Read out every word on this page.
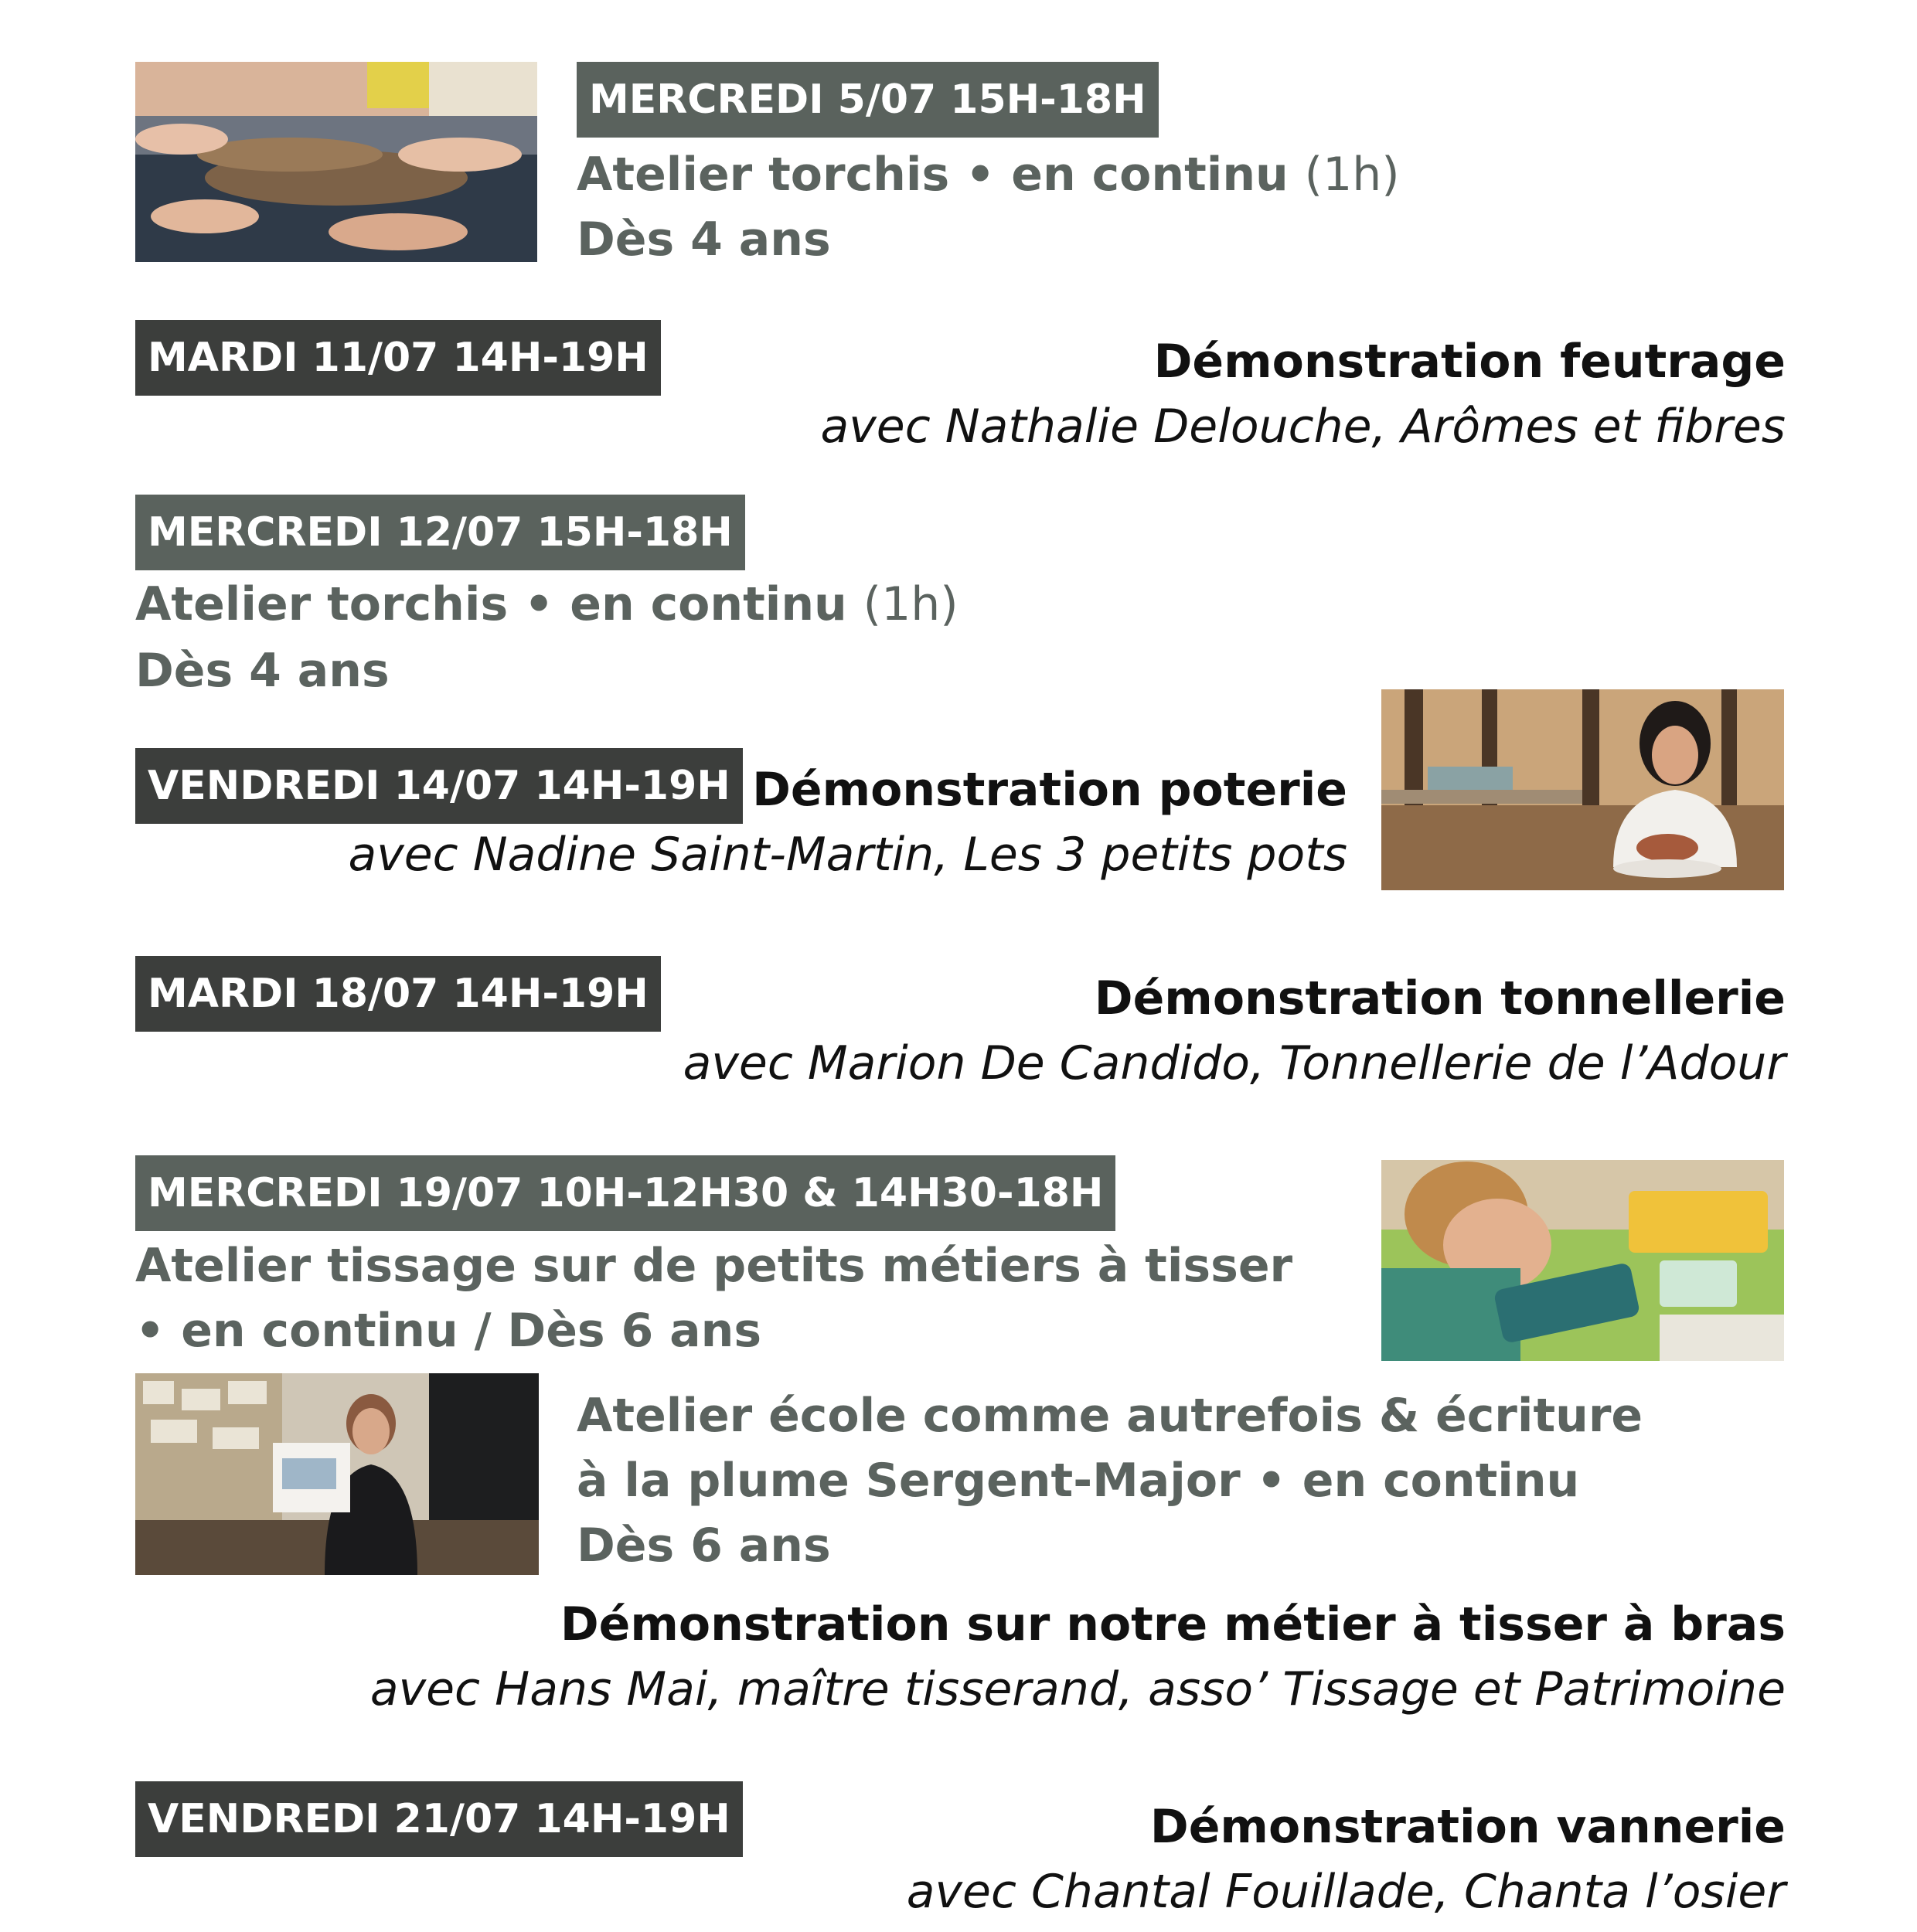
MERCREDI 5/07 15H-18H
Atelier torchis • en continu (1h)
Dès 4 ans
MARDI 11/07 14H-19H	Démonstration feutrage
avec Nathalie Delouche, Arômes et fibres
MERCREDI 12/07 15H-18H
Atelier torchis • en continu (1h)
Dès 4 ans
VENDREDI 14/07 14H-19H Démonstration poterie
avec Nadine Saint-Martin, Les 3 petits pots
MARDI 18/07 14H-19H	Démonstration tonnellerie
avec Marion De Candido, Tonnellerie de l’Adour
MERCREDI 19/07 10H-12H30 & 14H30-18H
Atelier tissage sur de petits métiers à tisser
• en continu / Dès 6 ans
Atelier école comme autrefois & écriture
à la plume Sergent-Major • en continu
Dès 6 ans
Démonstration sur notre métier à tisser à bras
avec Hans Mai, maître tisserand, asso’ Tissage et Patrimoine
VENDREDI 21/07 14H-19H	Démonstration vannerie
avec Chantal Fouillade, Chanta l’osier
